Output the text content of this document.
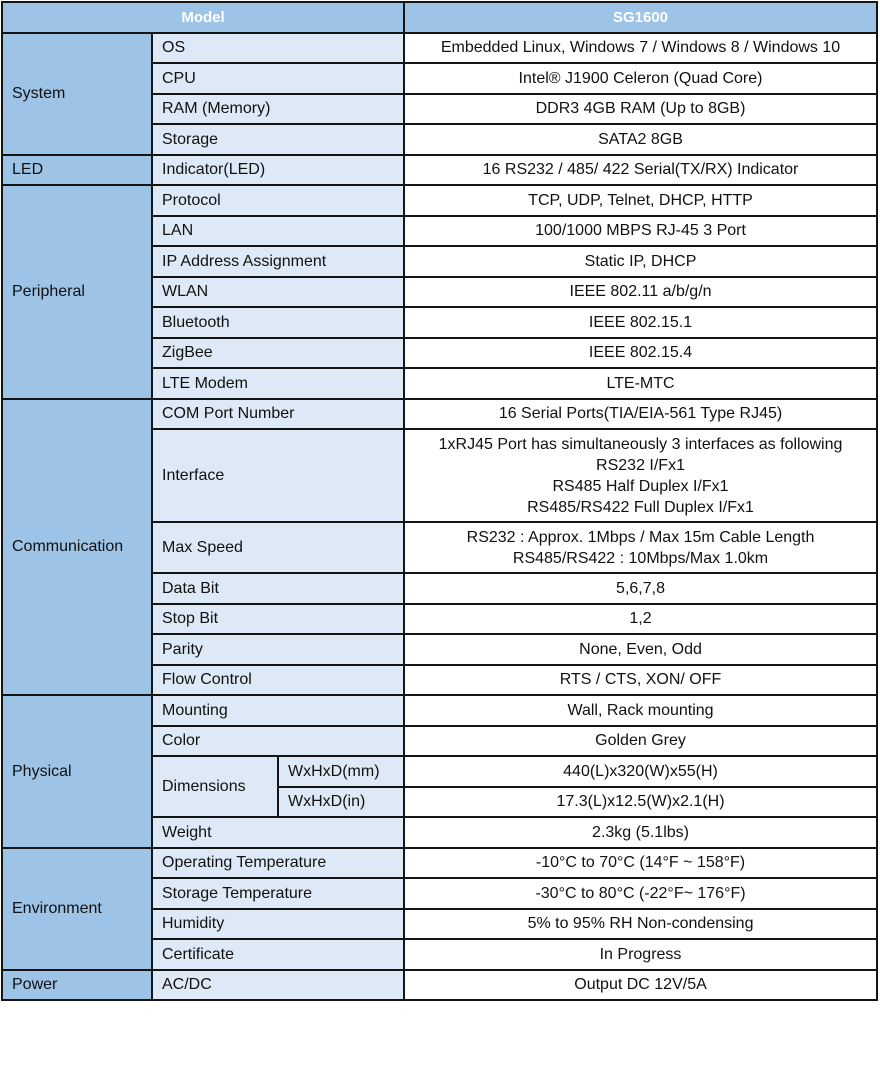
Model			SG1600
System	OS		Embedded Linux, Windows 7 / Windows 8 / Windows 10
	CPU		Intel® J1900 Celeron (Quad Core)
	RAM (Memory)		DDR3 4GB RAM (Up to 8GB)
	Storage		SATA2 8GB
LED	Indicator(LED)		16 RS232 / 485/ 422 Serial(TX/RX) Indicator
Peripheral	Protocol		TCP, UDP, Telnet, DHCP, HTTP
	LAN		100/1000 MBPS RJ-45 3 Port
	IP Address Assignment		Static IP, DHCP
	WLAN		IEEE 802.11 a/b/g/n
	Bluetooth		IEEE 802.15.1
	ZigBee		IEEE 802.15.4
	LTE Modem		LTE-MTC
Communication	COM Port Number		16 Serial Ports(TIA/EIA-561 Type RJ45)
	Interface		1xRJ45 Port has simultaneously 3 interfaces as following
RS232 I/Fx1
RS485 Half Duplex I/Fx1
RS485/RS422 Full Duplex I/Fx1

	Max Speed		RS232 : Approx. 1Mbps / Max 15m Cable Length
RS485/RS422 : 10Mbps/Max 1.0km

	Data Bit		5,6,7,8
	Stop Bit		1,2
	Parity		None, Even, Odd
	Flow Control		RTS / CTS, XON/ OFF
Physical	Mounting		Wall, Rack mounting
	Color		Golden Grey
	Dimensions	WxHxD(mm)	440(L)x320(W)x55(H)
		WxHxD(in)	17.3(L)x12.5(W)x2.1(H)
	Weight		2.3kg (5.1lbs)
Environment	Operating Temperature		-10°C to 70°C (14°F ~ 158°F)
	Storage Temperature		-30°C to 80°C (-22°F~ 176°F)
	Humidity		5% to 95% RH Non-condensing
	Certificate		In Progress
Power	AC/DC		Output DC 12V/5A
